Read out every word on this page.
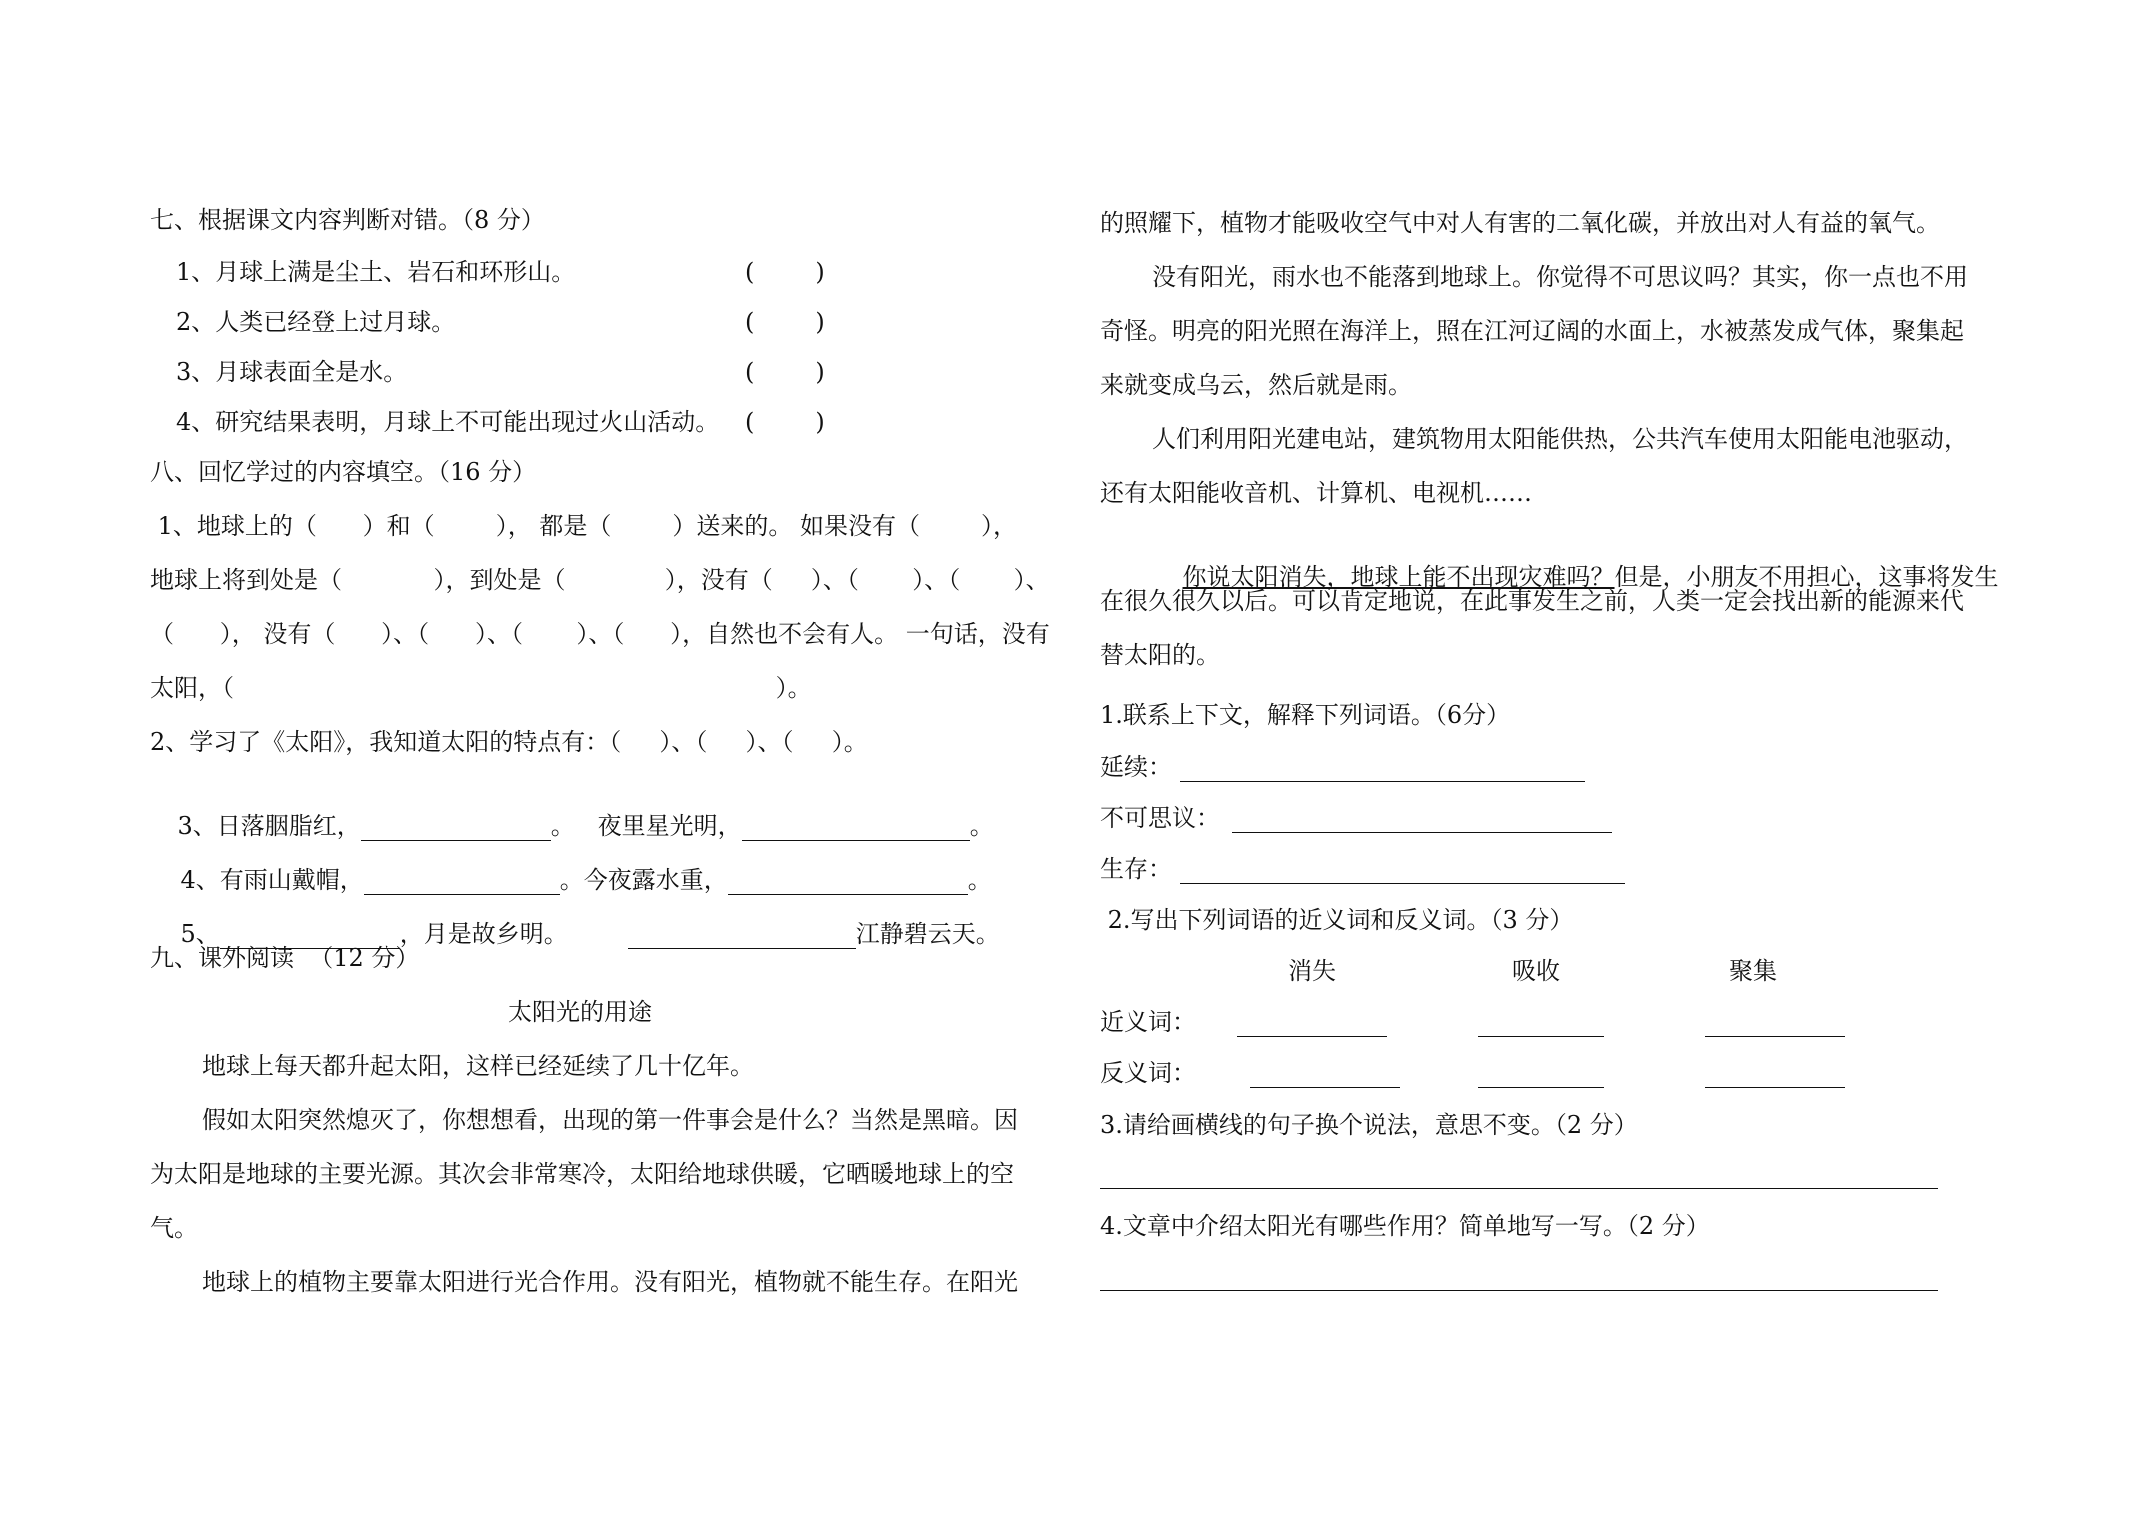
七、根据课文内容判断对错。（8 分）
1、月球上满是尘土、岩石和环形山。	(        )
2、人类已经登上过月球。	(        )
3、月球表面全是水。	(        )
4、研究结果表明，月球上不可能出现过火山活动。 (        )
八、回忆学过的内容填空。（16 分）
1、地球上的（      ）和（        ）， 都是（        ）送来的。 如果没有（        ），
地球上将到处是（            ），到处是（             ），没有（     ）、（       ）、（       ）、
（      ）， 没有（      ）、（      ）、（       ）、（      ），自然也不会有人。 一句话，没有
太阳，（                                                                       ）。
2、学习了《太阳》，我知道太阳的特点有：（     ）、（     ）、（     ）。

3、日落胭脂红，	。   夜里星光明，	。

4、有雨山戴帽，	。今夜露水重，	。

5、	，月是故乡明。	江静碧云天。

九、课外阅读  （12 分）
太阳光的用途
地球上每天都升起太阳，这样已经延续了几十亿年。
假如太阳突然熄灭了，你想想看，出现的第一件事会是什么？当然是黑暗。因
为太阳是地球的主要光源。其次会非常寒冷，太阳给地球供暖，它晒暖地球上的空
气。
地球上的植物主要靠太阳进行光合作用。没有阳光，植物就不能生存。在阳光
的照耀下，植物才能吸收空气中对人有害的二氧化碳，并放出对人有益的氧气。
没有阳光，雨水也不能落到地球上。你觉得不可思议吗？其实，你一点也不用
奇怪。明亮的阳光照在海洋上，照在江河辽阔的水面上，水被蒸发成气体，聚集起
来就变成乌云，然后就是雨。
人们利用阳光建电站，建筑物用太阳能供热，公共汽车使用太阳能电池驱动，
还有太阳能收音机、计算机、电视机……

你说太阳消失，地球上能不出现灾难吗？但是，小朋友不用担心，这事将发生

在很久很久以后。可以肯定地说，在此事发生之前，人类一定会找出新的能源来代
替太阳的。
1.联系上下文，解释下列词语。（6分）
延续：
不可思议：
生存：
2.写出下列词语的近义词和反义词。（3 分）
消失	吸收	聚集
近义词：
反义词：
3.请给画横线的句子换个说法，意思不变。（2 分）
4.文章中介绍太阳光有哪些作用？简单地写一写。（2 分）
